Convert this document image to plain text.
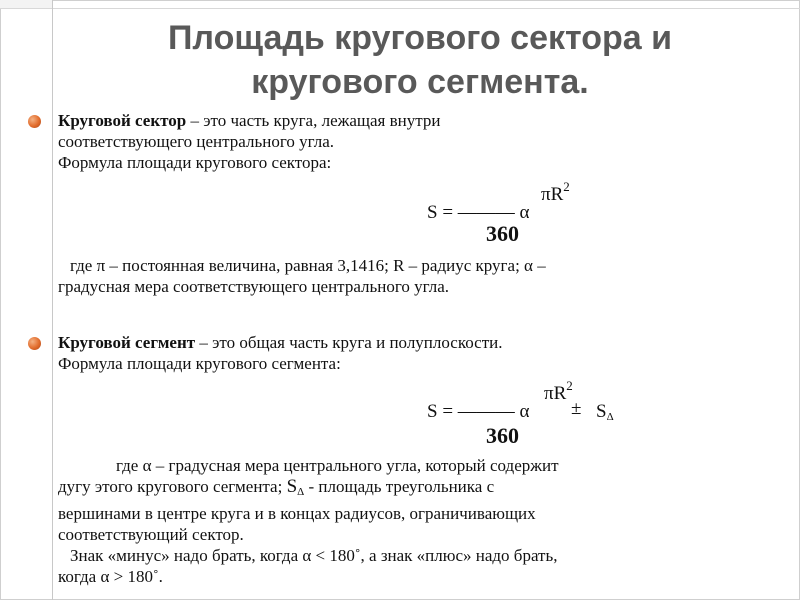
Площадь кругового сектора и
кругового сегмента.
Круговой сектор – это часть круга, лежащая внутри
соответствующего центрального угла.
Формула площади кругового сектора:
$\pi R^2$
S = ——— α
360
где π – постоянная величина, равная 3,1416; R – радиус круга; α –
градусная мера соответствующего центрального угла.
Круговой сегмент – это общая часть круга и полуплоскости.
Формула площади кругового сегмента:
$\pi R^2$
S = ——— $\alpha \pm S_\Delta$
360
где α – градусная мера центрального угла, который содержит
дугу этого кругового сегмента; $S_\Delta$ - площадь треугольника с
вершинами в центре круга и в концах радиусов, ограничивающих
соответствующий сектор.
Знак «минус» надо брать, когда α < 180˚, а знак «плюс» надо брать,
когда α > 180˚.
